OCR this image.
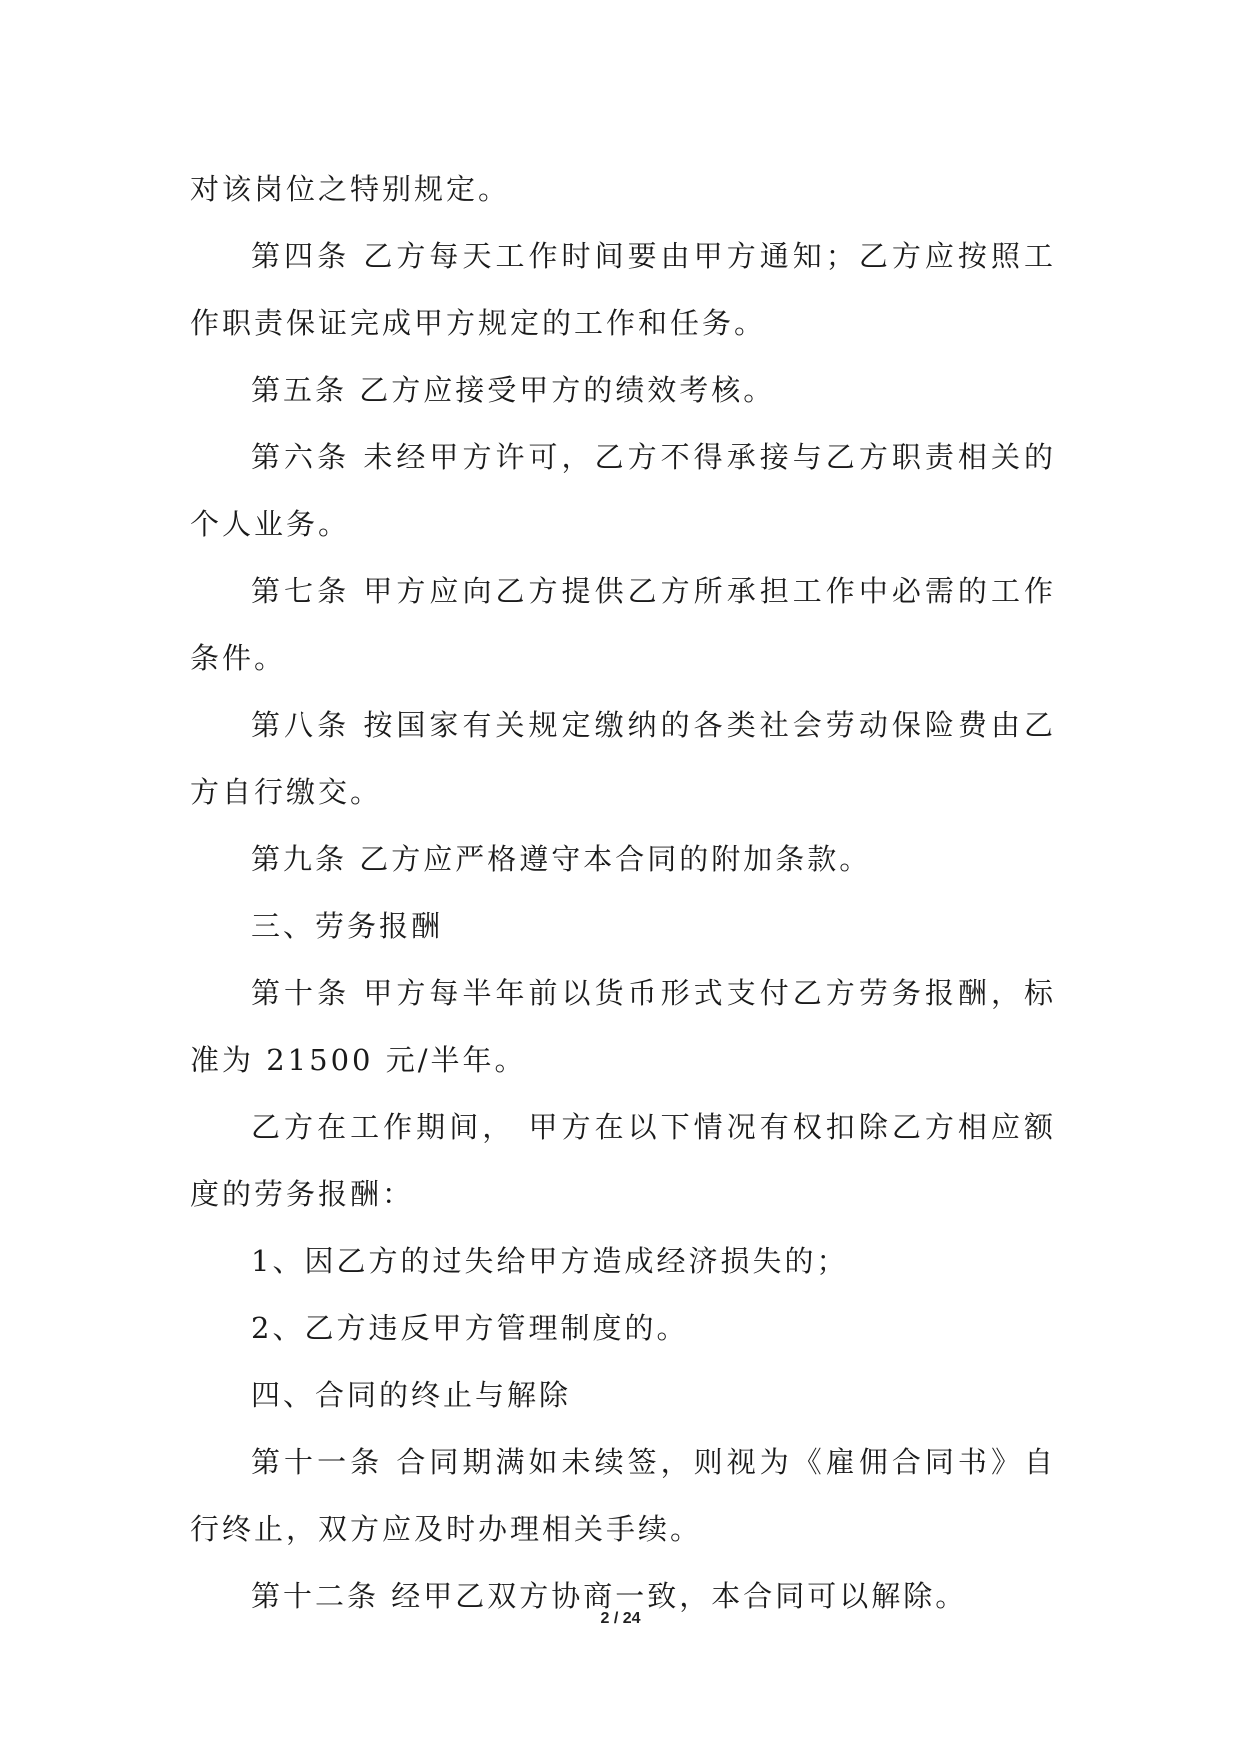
对该岗位之特别规定。

第四条 乙方每天工作时间要由甲方通知；乙方应按照工作职责保证完成甲方规定的工作和任务。

第五条 乙方应接受甲方的绩效考核。

第六条 未经甲方许可，乙方不得承接与乙方职责相关的个人业务。

第七条 甲方应向乙方提供乙方所承担工作中必需的工作条件。

第八条 按国家有关规定缴纳的各类社会劳动保险费由乙方自行缴交。

第九条 乙方应严格遵守本合同的附加条款。

三、劳务报酬

第十条 甲方每半年前以货币形式支付乙方劳务报酬，标准为 21500 元/半年。

乙方在工作期间， 甲方在以下情况有权扣除乙方相应额度的劳务报酬：

1、因乙方的过失给甲方造成经济损失的；

2、乙方违反甲方管理制度的。

四、合同的终止与解除

第十一条 合同期满如未续签，则视为《雇佣合同书》自行终止，双方应及时办理相关手续。

第十二条 经甲乙双方协商一致，本合同可以解除。

2 / 24
